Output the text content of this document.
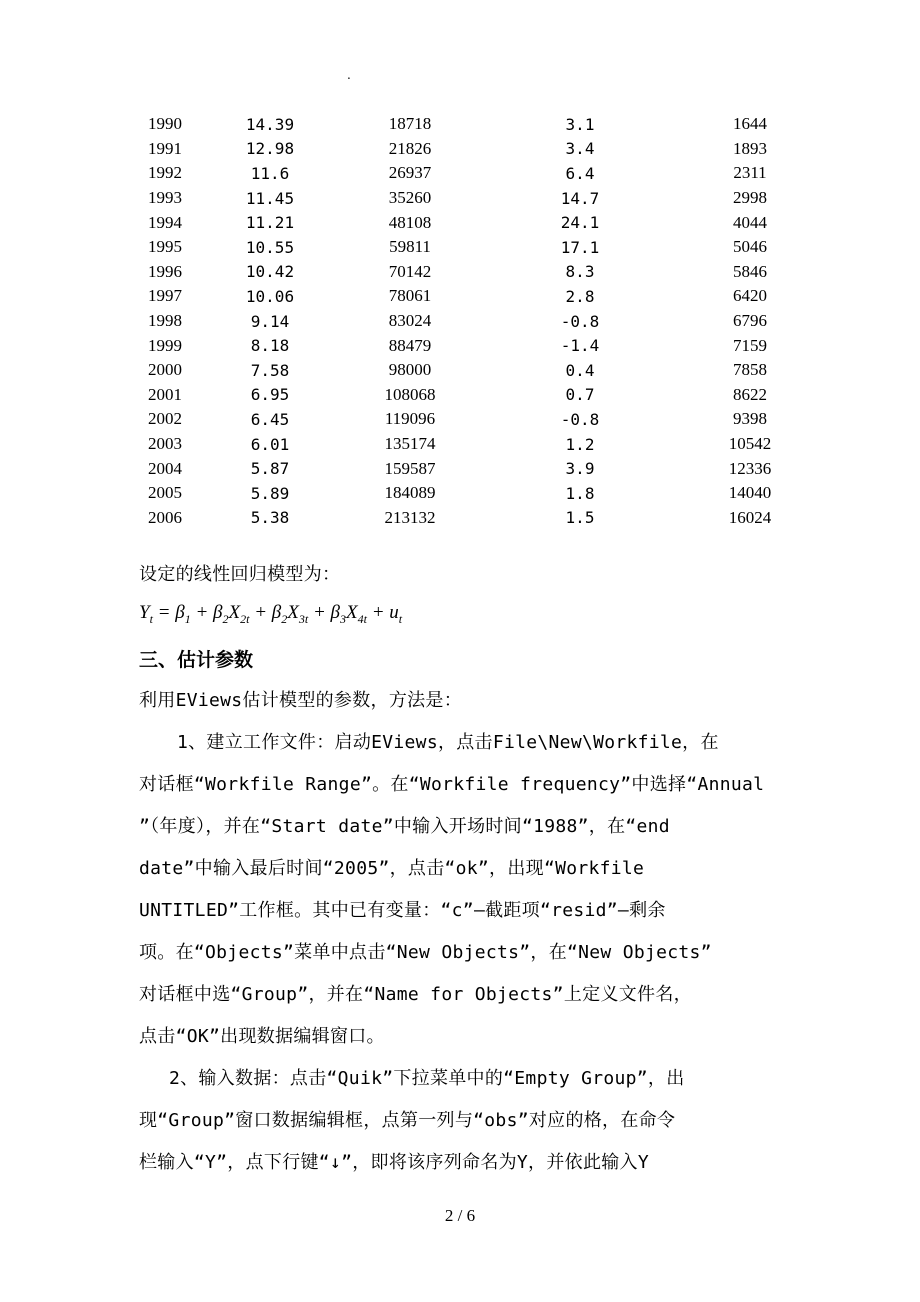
.
1990	14.39	18718	3.1	1644
1991	12.98	21826	3.4	1893
1992	11.6	26937	6.4	2311
1993	11.45	35260	14.7	2998
1994	11.21	48108	24.1	4044
1995	10.55	59811	17.1	5046
1996	10.42	70142	8.3	5846
1997	10.06	78061	2.8	6420
1998	9.14	83024	-0.8	6796
1999	8.18	88479	-1.4	7159
2000	7.58	98000	0.4	7858
2001	6.95	108068	0.7	8622
2002	6.45	119096	-0.8	9398
2003	6.01	135174	1.2	10542
2004	5.87	159587	3.9	12336
2005	5.89	184089	1.8	14040
2006	5.38	213132	1.5	16024
设定的线性回归模型为：
$Y_t = \beta_1 + \beta_2X_{2t} + \beta_2X_{3t} + \beta_3X_{4t} + u_t$
三、估计参数
利用EViews估计模型的参数，方法是：
1、建立工作文件：启动EViews，点击File\New\Workfile，在
对话框“Workfile Range”。在“Workfile frequency”中选择“Annual
”（年度），并在“Start date”中输入开场时间“1988”，在“end
date”中输入最后时间“2005”，点击“ok”，出现“Workfile
UNTITLED”工作框。其中已有变量：“c”—截距项“resid”—剩余
项。在“Objects”菜单中点击“New Objects”，在“New Objects”
对话框中选“Group”，并在“Name for Objects”上定义文件名，
点击“OK”出现数据编辑窗口。
2、输入数据：点击“Quik”下拉菜单中的“Empty Group”，出
现“Group”窗口数据编辑框，点第一列与“obs”对应的格，在命令
栏输入“Y”，点下行键“↓”，即将该序列命名为Y，并依此输入Y
2 / 6
